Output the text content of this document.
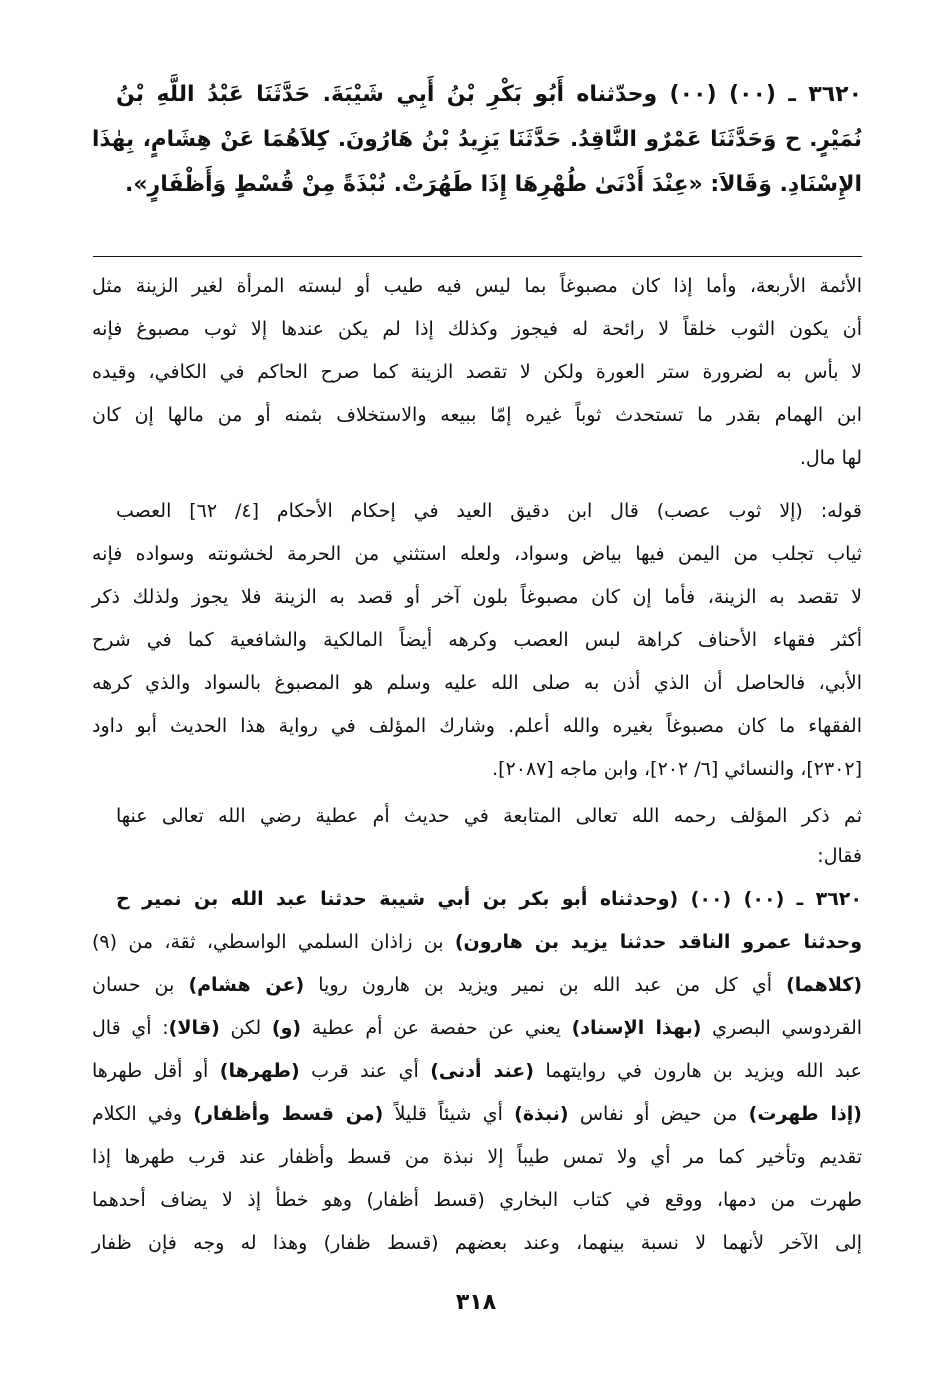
٣٦٢٠ ـ (٠٠) (٠٠) وحدّثناه أَبُو بَكْرِ بْنُ أَبِي شَيْبَةَ. حَدَّثَنَا عَبْدُ اللَّهِ بْنُ
نُمَيْرٍ. ح وَحَدَّثَنَا عَمْرٌو النَّاقِدُ. حَدَّثَنَا يَزِيدُ بْنُ هَارُونَ. كِلاَهُمَا عَنْ هِشَامٍ، بِهٰذَا
الإِسْنَادِ. وَقَالاَ: «عِنْدَ أَدْنَىٰ طُهْرِهَا إِذَا طَهُرَتْ. نُبْذَةً مِنْ قُسْطٍ وَأَظْفَارٍ».
الأئمة الأربعة، وأما إذا كان مصبوغاً بما ليس فيه طيب أو لبسته المرأة لغير الزينة مثل
أن يكون الثوب خلقاً لا رائحة له فيجوز وكذلك إذا لم يكن عندها إلا ثوب مصبوغ فإنه
لا بأس به لضرورة ستر العورة ولكن لا تقصد الزينة كما صرح الحاكم في الكافي، وقيده
ابن الهمام بقدر ما تستحدث ثوباً غيره إمّا ببيعه والاستخلاف بثمنه أو من مالها إن كان
لها مال.
قوله: (إلا ثوب عصب) قال ابن دقيق العيد في إحكام الأحكام [٤/ ٦٢] العصب
ثياب تجلب من اليمن فيها بياض وسواد، ولعله استثني من الحرمة لخشونته وسواده فإنه
لا تقصد به الزينة، فأما إن كان مصبوغاً بلون آخر أو قصد به الزينة فلا يجوز ولذلك ذكر
أكثر فقهاء الأحناف كراهة لبس العصب وكرهه أيضاً المالكية والشافعية كما في شرح
الأبي، فالحاصل أن الذي أذن به صلى الله عليه وسلم هو المصبوغ بالسواد والذي كرهه
الفقهاء ما كان مصبوغاً بغيره والله أعلم. وشارك المؤلف في رواية هذا الحديث أبو داود
[٢٣٠٢]، والنسائي [٦/ ٢٠٢]، وابن ماجه [٢٠٨٧].
ثم ذكر المؤلف رحمه الله تعالى المتابعة في حديث أم عطية رضي الله تعالى عنها
فقال:
٣٦٢٠ ـ (٠٠) (٠٠) (وحدثناه أبو بكر بن أبي شيبة حدثنا عبد الله بن نمير ح
وحدثنا عمرو الناقد حدثنا يزيد بن هارون) بن زاذان السلمي الواسطي، ثقة، من (٩)
(كلاهما) أي كل من عبد الله بن نمير ويزيد بن هارون رويا (عن هشام) بن حسان
القردوسي البصري (بهذا الإسناد) يعني عن حفصة عن أم عطية (و) لكن (قالا): أي قال
عبد الله ويزيد بن هارون في روايتهما (عند أدنى) أي عند قرب (طهرها) أو أقل طهرها
(إذا طهرت) من حيض أو نفاس (نبذة) أي شيئاً قليلاً (من قسط وأظفار) وفي الكلام
تقديم وتأخير كما مر أي ولا تمس طيباً إلا نبذة من قسط وأظفار عند قرب طهرها إذا
طهرت من دمها، ووقع في كتاب البخاري (قسط أظفار) وهو خطأ إذ لا يضاف أحدهما
إلى الآخر لأنهما لا نسبة بينهما، وعند بعضهم (قسط ظفار) وهذا له وجه فإن ظفار
٣١٨
